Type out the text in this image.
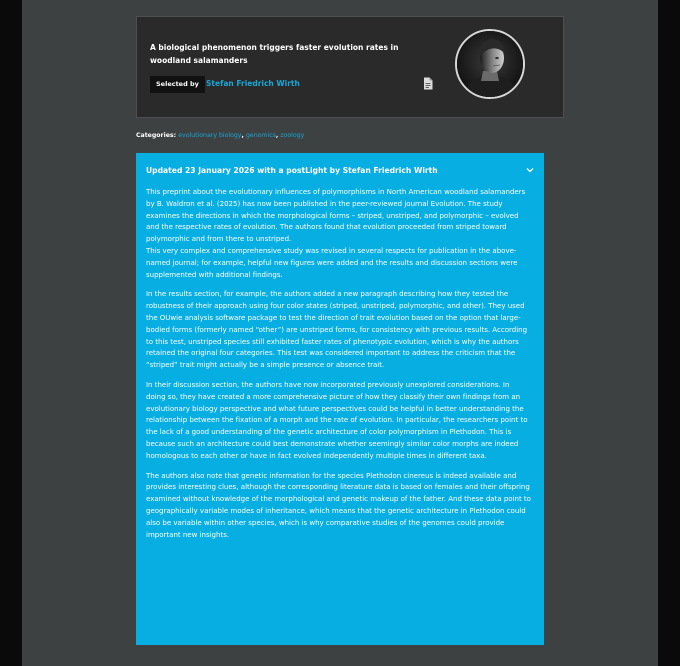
A biological phenomenon triggers faster evolution rates in woodland salamanders
Selected by Stefan Friedrich Wirth
Categories: evolutionary biology, genomics, zoology
Updated 23 January 2026 with a postLight by Stefan Friedrich Wirth

This preprint about the evolutionary influences of polymorphisms in North American woodland salamanders by B. Waldron et al. (2025) has now been published in the peer-reviewed journal Evolution. The study examines the directions in which the morphological forms – striped, unstriped, and polymorphic – evolved and the respective rates of evolution. The authors found that evolution proceeded from striped toward polymorphic and from there to unstriped.

This very complex and comprehensive study was revised in several respects for publication in the above-named journal; for example, helpful new figures were added and the results and discussion sections were supplemented with additional findings.

In the results section, for example, the authors added a new paragraph describing how they tested the robustness of their approach using four color states (striped, unstriped, polymorphic, and other). They used the OUwie analysis software package to test the direction of trait evolution based on the option that large-bodied forms (formerly named “other”) are unstriped forms, for consistency with previous results. According to this test, unstriped species still exhibited faster rates of phenotypic evolution, which is why the authors retained the original four categories. This test was considered important to address the criticism that the “striped” trait might actually be a simple presence or absence trait.

In their discussion section, the authors have now incorporated previously unexplored considerations. In doing so, they have created a more comprehensive picture of how they classify their own findings from an evolutionary biology perspective and what future perspectives could be helpful in better understanding the relationship between the fixation of a morph and the rate of evolution. In particular, the researchers point to the lack of a good understanding of the genetic architecture of color polymorphism in Plethodon. This is because such an architecture could best demonstrate whether seemingly similar color morphs are indeed homologous to each other or have in fact evolved independently multiple times in different taxa.

The authors also note that genetic information for the species Plethodon cinereus is indeed available and provides interesting clues, although the corresponding literature data is based on females and their offspring examined without knowledge of the morphological and genetic makeup of the father. And these data point to geographically variable modes of inheritance, which means that the genetic architecture in Plethodon could also be variable within other species, which is why comparative studies of the genomes could provide important new insights.
